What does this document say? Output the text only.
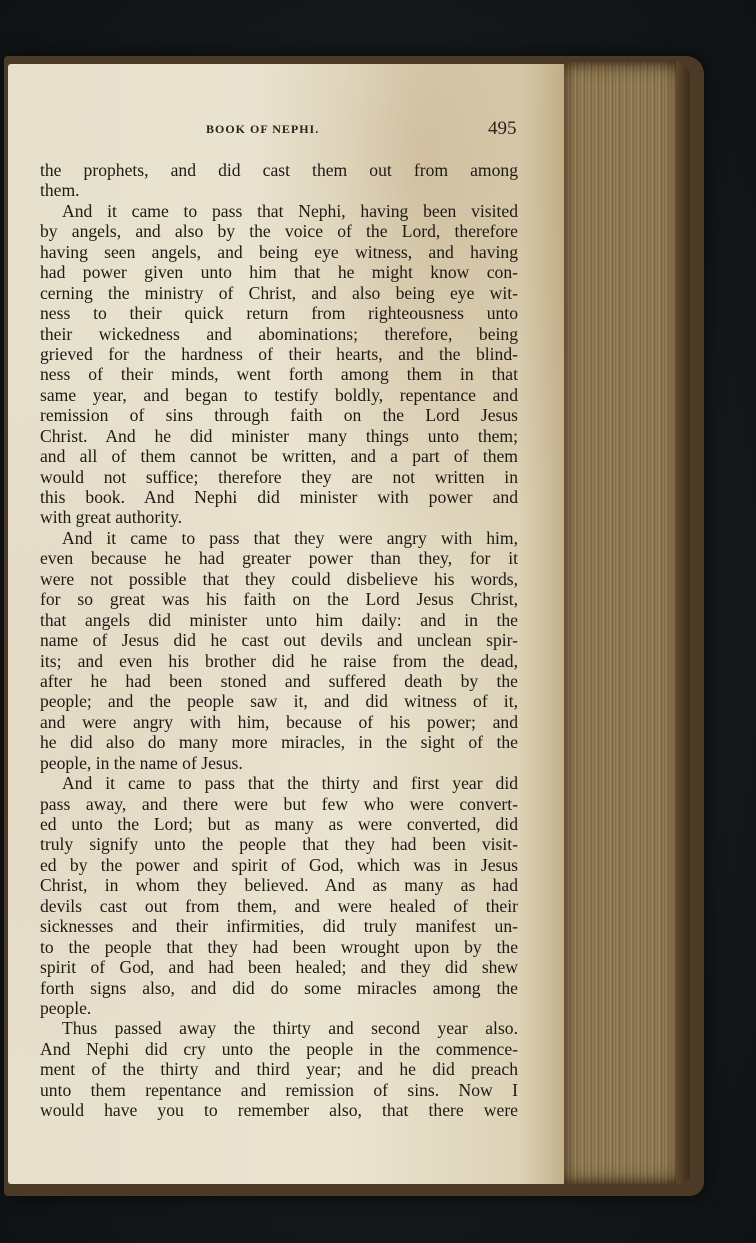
BOOK OF NEPHI.	495
the prophets, and did cast them out from among
them.
And it came to pass that Nephi, having been visited
by angels, and also by the voice of the Lord, therefore
having seen angels, and being eye witness, and having
had power given unto him that he might know con-
cerning the ministry of Christ, and also being eye wit-
ness to their quick return from righteousness unto
their wickedness and abominations; therefore, being
grieved for the hardness of their hearts, and the blind-
ness of their minds, went forth among them in that
same year, and began to testify boldly, repentance and
remission of sins through faith on the Lord Jesus
Christ. And he did minister many things unto them;
and all of them cannot be written, and a part of them
would not suffice; therefore they are not written in
this book. And Nephi did minister with power and
with great authority.
And it came to pass that they were angry with him,
even because he had greater power than they, for it
were not possible that they could disbelieve his words,
for so great was his faith on the Lord Jesus Christ,
that angels did minister unto him daily: and in the
name of Jesus did he cast out devils and unclean spir-
its; and even his brother did he raise from the dead,
after he had been stoned and suffered death by the
people; and the people saw it, and did witness of it,
and were angry with him, because of his power; and
he did also do many more miracles, in the sight of the
people, in the name of Jesus.
And it came to pass that the thirty and first year did
pass away, and there were but few who were convert-
ed unto the Lord; but as many as were converted, did
truly signify unto the people that they had been visit-
ed by the power and spirit of God, which was in Jesus
Christ, in whom they believed. And as many as had
devils cast out from them, and were healed of their
sicknesses and their infirmities, did truly manifest un-
to the people that they had been wrought upon by the
spirit of God, and had been healed; and they did shew
forth signs also, and did do some miracles among the
people.
Thus passed away the thirty and second year also.
And Nephi did cry unto the people in the commence-
ment of the thirty and third year; and he did preach
unto them repentance and remission of sins. Now I
would have you to remember also, that there were
